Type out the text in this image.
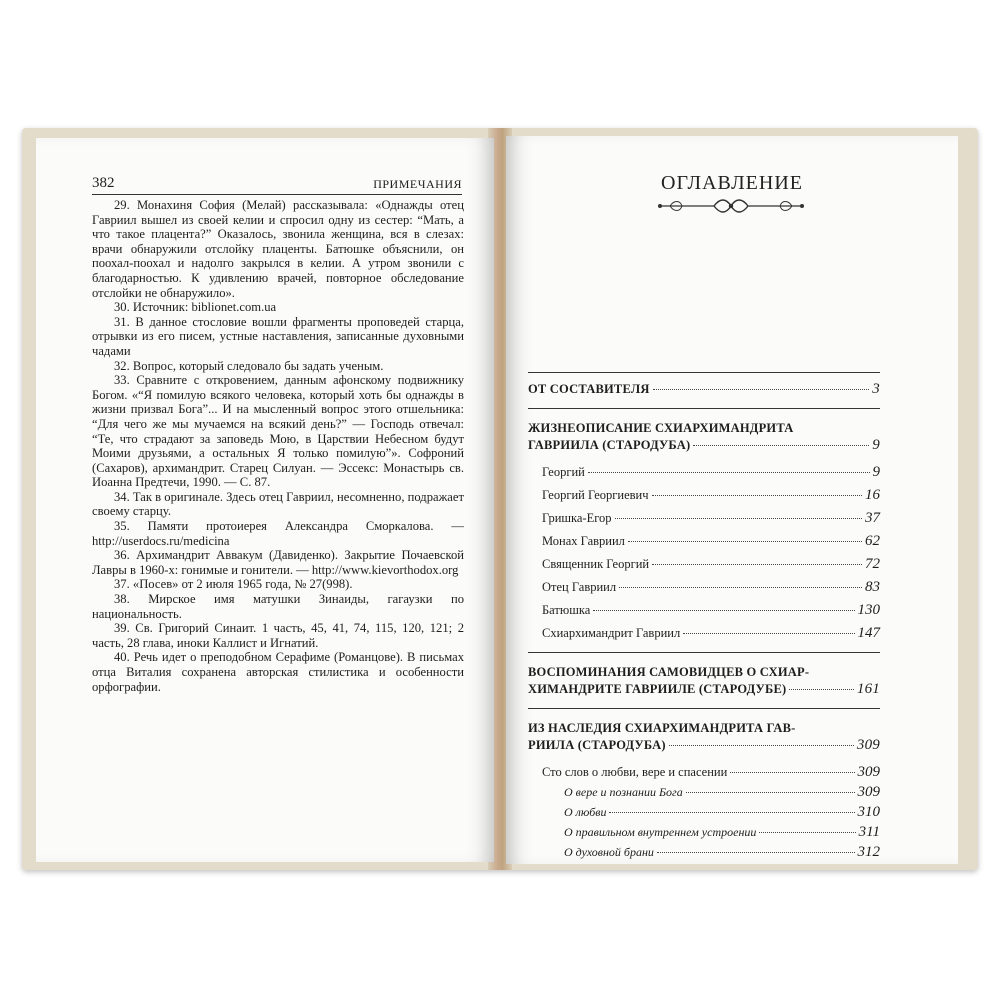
382	ПРИМЕЧАНИЯ

29. Монахиня София (Мелай) рассказывала: «Однажды отец Гавриил вышел из своей келии и спросил одну из сестер: “Мать, а что такое плацента?” Оказалось, звонила женщина, вся в слезах: врачи обнаружили отслойку плаценты. Батюшке объяснили, он поохал-поохал и надолго закрылся в келии. А утром звонили с благодарностью. К удивлению врачей, повторное обследование отслойки не обнаружило».

30. Источник: biblionet.com.ua

31. В данное стословие вошли фрагменты проповедей старца, отрывки из его писем, устные наставления, записанные духовными чадами

32. Вопрос, который следовало бы задать ученым.

33. Сравните с откровением, данным афонскому подвижнику Богом. «“Я помилую всякого человека, который хоть бы однажды в жизни призвал Бога”... И на мысленный вопрос этого отшельника: “Для чего же мы мучаемся на всякий день?” — Господь отвечал: “Те, что страдают за заповедь Мою, в Царствии Небесном будут Моими друзьями, а остальных Я только помилую”». Софроний (Сахаров), архимандрит. Старец Силуан. — Эссекс: Монастырь св. Иоанна Предтечи, 1990. — С. 87.

34. Так в оригинале. Здесь отец Гавриил, несомненно, подражает своему старцу.

35. Памяти протоиерея Александра Сморкалова. — http://userdocs.ru/medicina

36. Архимандрит Аввакум (Давиденко). Закрытие Почаевской Лавры в 1960-х: гонимые и гонители. — http://www.kievorthodox.org

37. «Посев» от 2 июля 1965 года, № 27(998).

38. Мирское имя матушки Зинаиды, гагаузки по национальность.

39. Св. Григорий Синаит. 1 часть, 45, 41, 74, 115, 120, 121; 2 часть, 28 глава, иноки Каллист и Игнатий.

40. Речь идет о преподобном Серафиме (Романцове). В письмах отца Виталия сохранена авторская стилистика и особенности орфографии.

ОГЛАВЛЕНИЕ
ОТ СОСТАВИТЕЛЯ	3
ЖИЗНЕОПИСАНИЕ СХИАРХИМАНДРИТА
ГАВРИИЛА (СТАРОДУБА)	9
Георгий	9
Георгий Георгиевич	16
Гришка-Егор	37
Монах Гавриил	62
Священник Георгий	72
Отец Гавриил	83
Батюшка	130
Схиархимандрит Гавриил	147
ВОСПОМИНАНИЯ САМОВИДЦЕВ О СХИАР-
ХИМАНДРИТЕ ГАВРИИЛЕ (СТАРОДУБЕ)	161
ИЗ НАСЛЕДИЯ СХИАРХИМАНДРИТА ГАВ-
РИИЛА (СТАРОДУБА)	309
Сто слов о любви, вере и спасении	309
О вере и познании Бога	309
О любви	310
О правильном внутреннем устроении	311
О духовной брани	312
